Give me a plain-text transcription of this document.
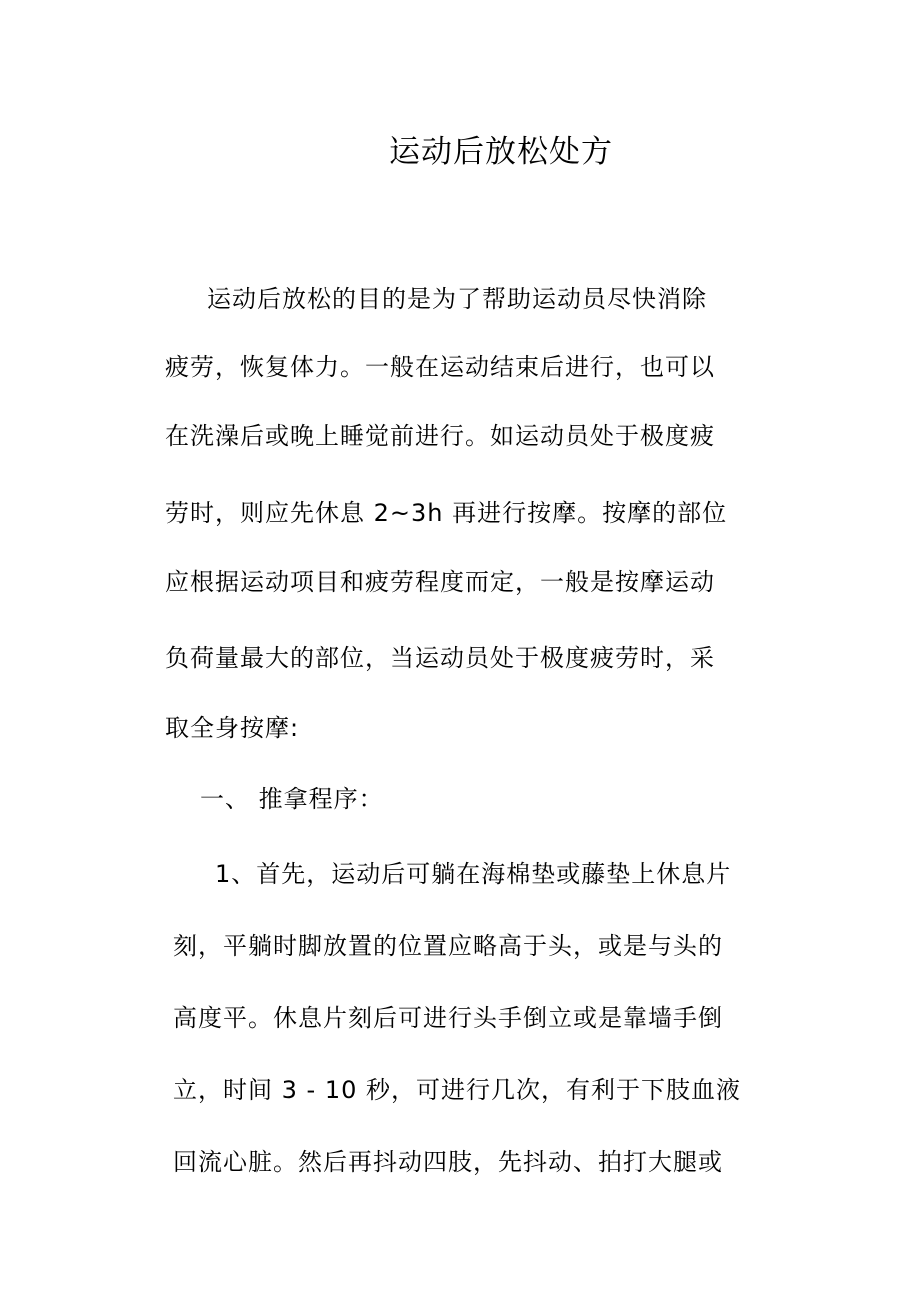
运动后放松处方
运动后放松的目的是为了帮助运动员尽快消除
疲劳，恢复体力。一般在运动结束后进行，也可以
在洗澡后或晚上睡觉前进行。如运动员处于极度疲
劳时，则应先休息 2~3h 再进行按摩。按摩的部位
应根据运动项目和疲劳程度而定，一般是按摩运动
负荷量最大的部位，当运动员处于极度疲劳时，采
取全身按摩:
一、 推拿程序：
1、首先，运动后可躺在海棉垫或藤垫上休息片
刻，平躺时脚放置的位置应略高于头，或是与头的
高度平。休息片刻后可进行头手倒立或是靠墙手倒
立，时间 3 - 10 秒，可进行几次，有利于下肢血液
回流心脏。然后再抖动四肢，先抖动、拍打大腿或
